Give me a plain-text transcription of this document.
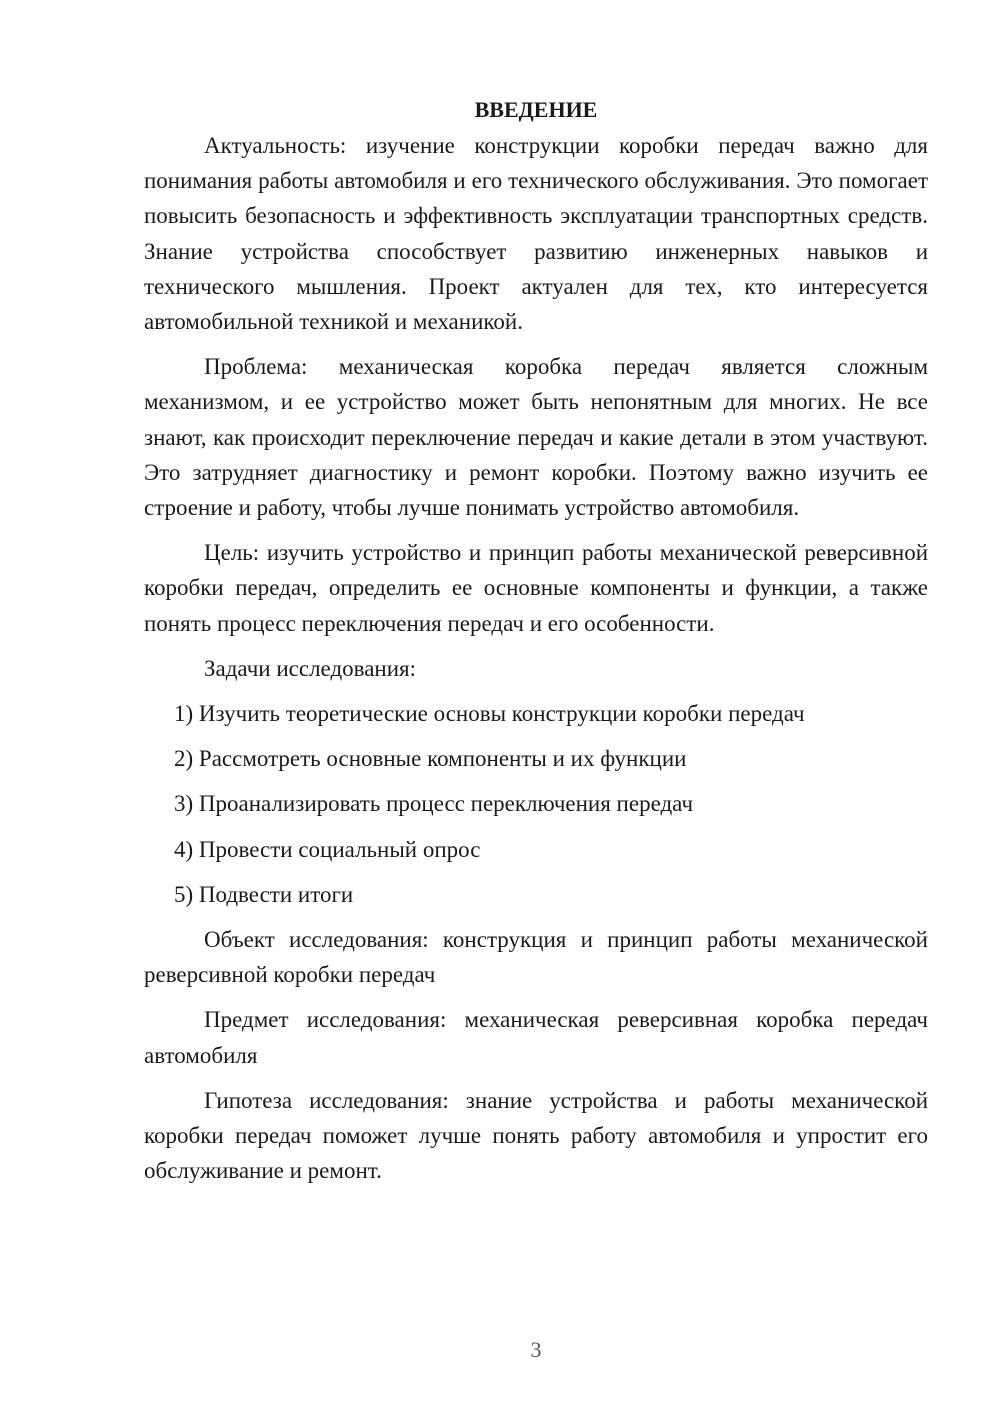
ВВЕДЕНИЕ

Актуальность: изучение конструкции коробки передач важно для понимания работы автомобиля и его технического обслуживания. Это помогает повысить безопасность и эффективность эксплуатации транспортных средств. Знание устройства способствует развитию инженерных навыков и технического мышления. Проект актуален для тех, кто интересуется автомобильной техникой и механикой.

Проблема: механическая коробка передач является сложным механизмом, и ее устройство может быть непонятным для многих. Не все знают, как происходит переключение передач и какие детали в этом участвуют. Это затрудняет диагностику и ремонт коробки. Поэтому важно изучить ее строение и работу, чтобы лучше понимать устройство автомобиля.

Цель: изучить устройство и принцип работы механической реверсивной коробки передач, определить ее основные компоненты и функции, а также понять процесс переключения передач и его особенности.

Задачи исследования:

1) Изучить теоретические основы конструкции коробки передач
2) Рассмотреть основные компоненты и их функции
3) Проанализировать процесс переключения передач
4) Провести социальный опрос
5) Подвести итоги

Объект исследования: конструкция и принцип работы механической реверсивной коробки передач

Предмет исследования: механическая реверсивная коробка передач автомобиля

Гипотеза исследования: знание устройства и работы механической коробки передач поможет лучше понять работу автомобиля и упростит его обслуживание и ремонт.

3
